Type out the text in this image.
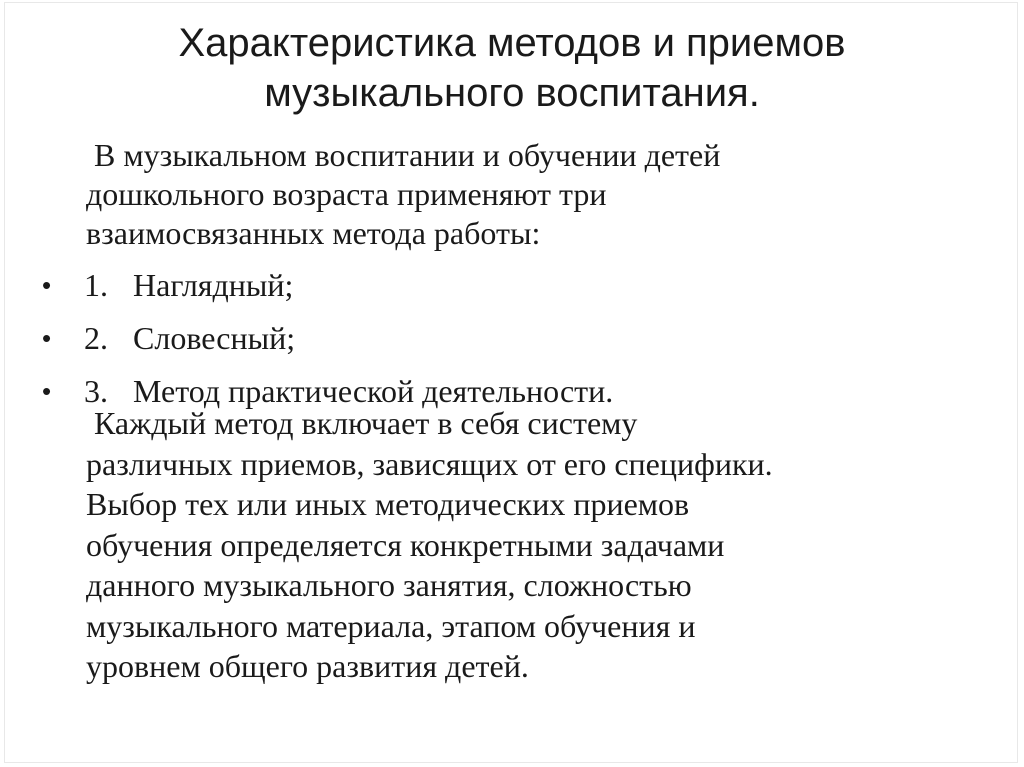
Характеристика методов и приемов
музыкального воспитания.

В музыкальном воспитании и обучении детей
дошкольного возраста применяют три
взаимосвязанных метода работы:

•	1. Наглядный;
•	2. Словесный;
•	3. Метод практической деятельности.

Каждый метод включает в себя систему
различных приемов, зависящих от его специфики.
Выбор тех или иных методических приемов
обучения определяется конкретными задачами
данного музыкального занятия, сложностью
музыкального материала, этапом обучения и
уровнем общего развития детей.
